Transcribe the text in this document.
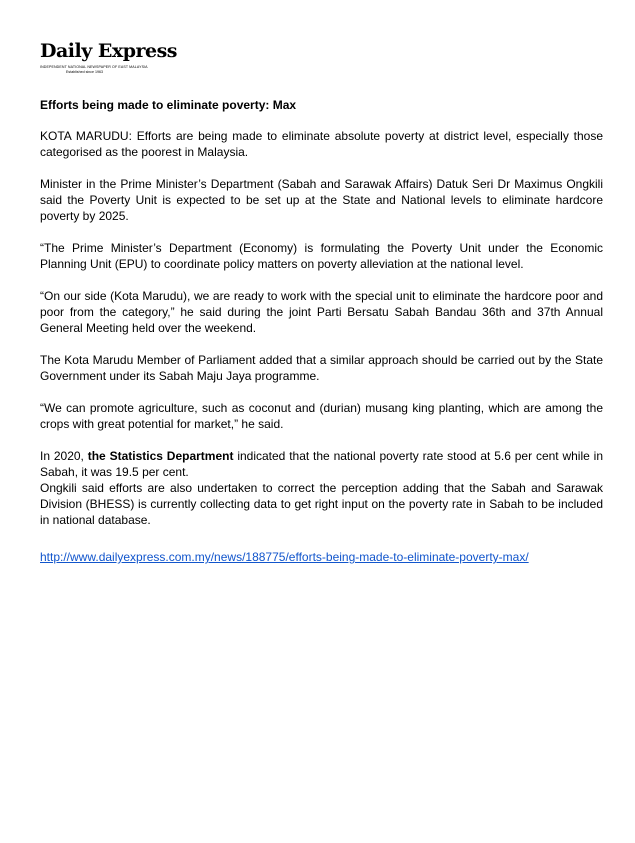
Daily Express
INDEPENDENT NATIONAL NEWSPAPER OF EAST MALAYSIA
Established since 1963
Efforts being made to eliminate poverty: Max

KOTA MARUDU: Efforts are being made to eliminate absolute poverty at district level, especially those categorised as the poorest in Malaysia.

Minister in the Prime Minister’s Department (Sabah and Sarawak Affairs) Datuk Seri Dr Maximus Ongkili said the Poverty Unit is expected to be set up at the State and National levels to eliminate hardcore poverty by 2025.

“The Prime Minister’s Department (Economy) is formulating the Poverty Unit under the Economic Planning Unit (EPU) to coordinate policy matters on poverty alleviation at the national level.

“On our side (Kota Marudu), we are ready to work with the special unit to eliminate the hardcore poor and poor from the category,” he said during the joint Parti Bersatu Sabah Bandau 36th and 37th Annual General Meeting held over the weekend.

The Kota Marudu Member of Parliament added that a similar approach should be carried out by the State Government under its Sabah Maju Jaya programme.

“We can promote agriculture, such as coconut and (durian) musang king planting, which are among the crops with great potential for market,” he said.

In 2020, the Statistics Department indicated that the national poverty rate stood at 5.6 per cent while in Sabah, it was 19.5 per cent.

Ongkili said efforts are also undertaken to correct the perception adding that the Sabah and Sarawak Division (BHESS) is currently collecting data to get right input on the poverty rate in Sabah to be included in national database.

http://www.dailyexpress.com.my/news/188775/efforts-being-made-to-eliminate-poverty-max/
